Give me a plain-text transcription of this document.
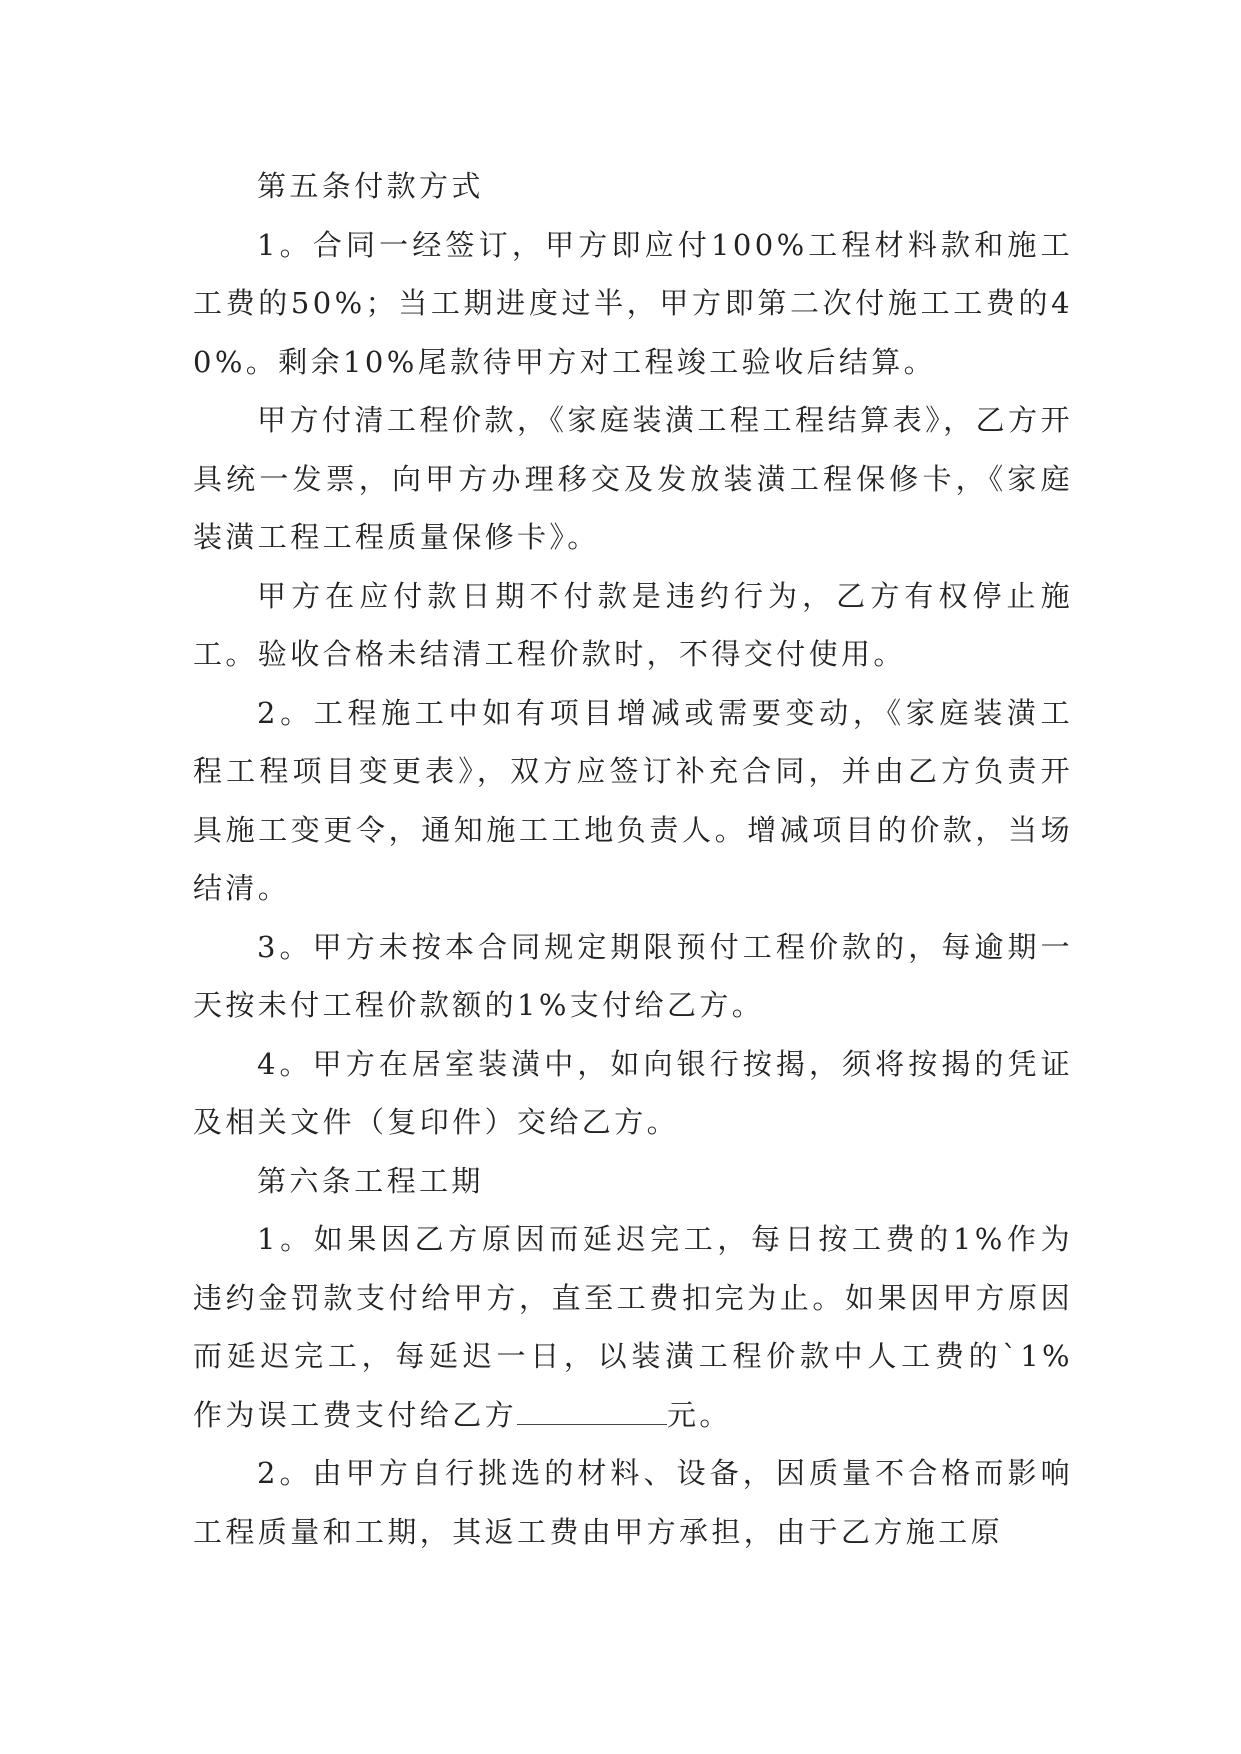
第五条付款方式

1。合同一经签订，甲方即应付100%工程材料款和施工工费的50%；当工期进度过半，甲方即第二次付施工工费的40%。剩余10%尾款待甲方对工程竣工验收后结算。

甲方付清工程价款，《家庭装潢工程工程结算表》，乙方开具统一发票，向甲方办理移交及发放装潢工程保修卡，《家庭装潢工程工程质量保修卡》。

甲方在应付款日期不付款是违约行为，乙方有权停止施工。验收合格未结清工程价款时，不得交付使用。

2。工程施工中如有项目增减或需要变动，《家庭装潢工程工程项目变更表》，双方应签订补充合同，并由乙方负责开具施工变更令，通知施工工地负责人。增减项目的价款，当场结清。

3。甲方未按本合同规定期限预付工程价款的，每逾期一天按未付工程价款额的1%支付给乙方。

4。甲方在居室装潢中，如向银行按揭，须将按揭的凭证及相关文件（复印件）交给乙方。

第六条工程工期

1。如果因乙方原因而延迟完工，每日按工费的1%作为违约金罚款支付给甲方，直至工费扣完为止。如果因甲方原因而延迟完工，每延迟一日，以装潢工程价款中人工费的`1%作为误工费支付给乙方	元。

2。由甲方自行挑选的材料、设备，因质量不合格而影响工程质量和工期，其返工费由甲方承担，由于乙方施工原
